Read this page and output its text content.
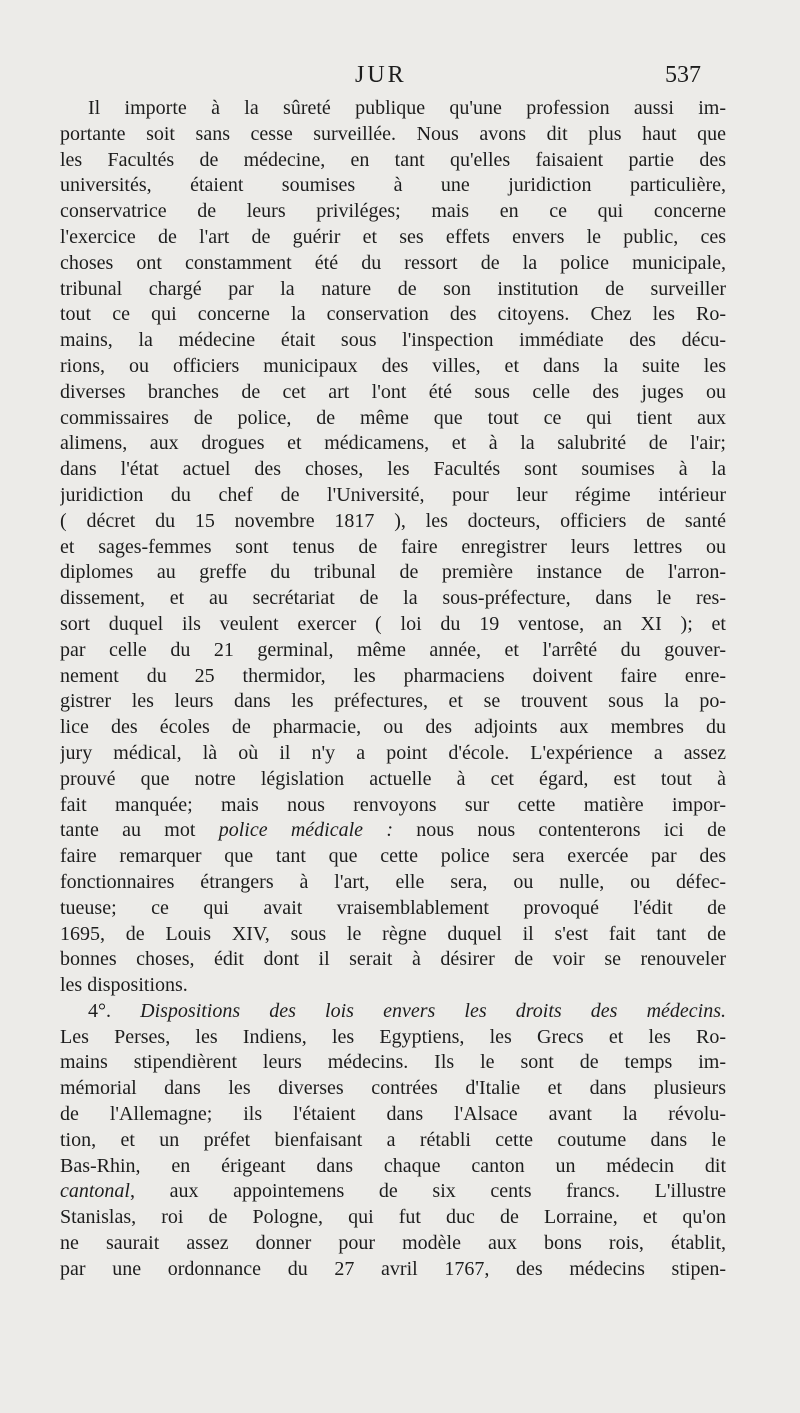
JUR	537
Il importe à la sûreté publique qu'une profession aussi im-
portante soit sans cesse surveillée. Nous avons dit plus haut que
les Facultés de médecine, en tant qu'elles faisaient partie des
universités, étaient soumises à une juridiction particulière,
conservatrice de leurs priviléges; mais en ce qui concerne
l'exercice de l'art de guérir et ses effets envers le public, ces
choses ont constamment été du ressort de la police municipale,
tribunal chargé par la nature de son institution de surveiller
tout ce qui concerne la conservation des citoyens. Chez les Ro-
mains, la médecine était sous l'inspection immédiate des décu-
rions, ou officiers municipaux des villes, et dans la suite les
diverses branches de cet art l'ont été sous celle des juges ou
commissaires de police, de même que tout ce qui tient aux
alimens, aux drogues et médicamens, et à la salubrité de l'air;
dans l'état actuel des choses, les Facultés sont soumises à la
juridiction du chef de l'Université, pour leur régime intérieur
( décret du 15 novembre 1817 ), les docteurs, officiers de santé
et sages-femmes sont tenus de faire enregistrer leurs lettres ou
diplomes au greffe du tribunal de première instance de l'arron-
dissement, et au secrétariat de la sous-préfecture, dans le res-
sort duquel ils veulent exercer ( loi du 19 ventose, an XI ); et
par celle du 21 germinal, même année, et l'arrêté du gouver-
nement du 25 thermidor, les pharmaciens doivent faire enre-
gistrer les leurs dans les préfectures, et se trouvent sous la po-
lice des écoles de pharmacie, ou des adjoints aux membres du
jury médical, là où il n'y a point d'école. L'expérience a assez
prouvé que notre législation actuelle à cet égard, est tout à
fait manquée; mais nous renvoyons sur cette matière impor-
tante au mot police médicale : nous nous contenterons ici de
faire remarquer que tant que cette police sera exercée par des
fonctionnaires étrangers à l'art, elle sera, ou nulle, ou défec-
tueuse; ce qui avait vraisemblablement provoqué l'édit de
1695, de Louis XIV, sous le règne duquel il s'est fait tant de
bonnes choses, édit dont il serait à désirer de voir se renouveler
les dispositions.
4°. Dispositions des lois envers les droits des médecins.
Les Perses, les Indiens, les Egyptiens, les Grecs et les Ro-
mains stipendièrent leurs médecins. Ils le sont de temps im-
mémorial dans les diverses contrées d'Italie et dans plusieurs
de l'Allemagne; ils l'étaient dans l'Alsace avant la révolu-
tion, et un préfet bienfaisant a rétabli cette coutume dans le
Bas-Rhin, en érigeant dans chaque canton un médecin dit
cantonal, aux appointemens de six cents francs. L'illustre
Stanislas, roi de Pologne, qui fut duc de Lorraine, et qu'on
ne saurait assez donner pour modèle aux bons rois, établit,
par une ordonnance du 27 avril 1767, des médecins stipen-
